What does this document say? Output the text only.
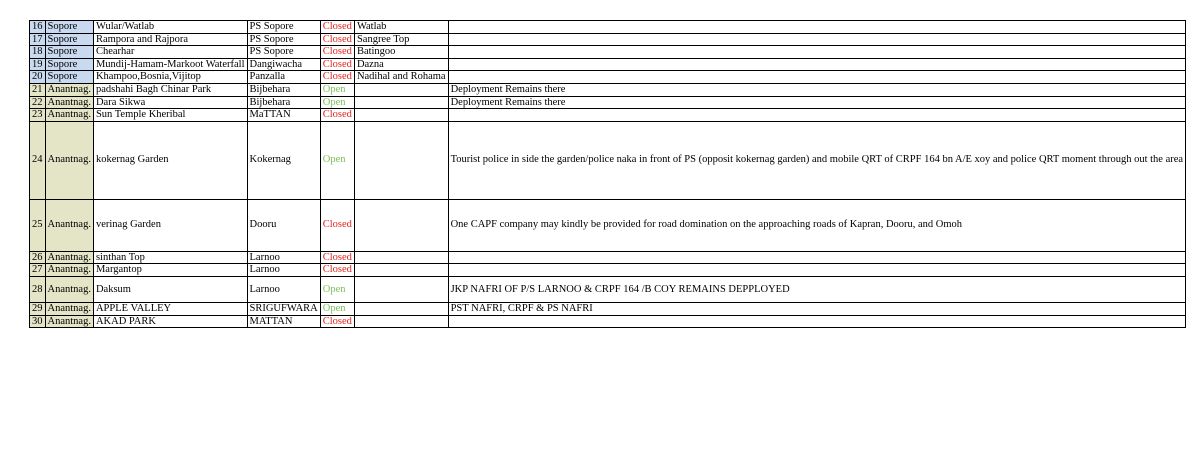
16	Sopore	Wular/Watlab	PS Sopore	Closed	Watlab	
17	Sopore	Rampora and Rajpora	PS Sopore	Closed	Sangree Top	
18	Sopore	Chearhar	PS Sopore	Closed	Batingoo	
19	Sopore	Mundij-Hamam-Markoot Waterfall	Dangiwacha	Closed	Dazna	
20	Sopore	Khampoo,Bosnia,Vijitop	Panzalla	Closed	Nadihal and Rohama	
21	Anantnag.	padshahi Bagh Chinar Park	Bijbehara	Open		Deployment Remains there
22	Anantnag.	Dara Sikwa	Bijbehara	Open		Deployment Remains there
23	Anantnag.	Sun Temple Kheribal	MaTTAN	Closed		
24	Anantnag.	kokernag Garden	Kokernag	Open		Tourist police in side the garden/police naka in front of PS (opposit kokernag garden) and mobile QRT of CRPF 164 bn A/E xoy and police QRT moment through out the area
25	Anantnag.	verinag Garden	Dooru	Closed		One CAPF company may kindly be provided for road domination on the approaching roads of Kapran, Dooru, and Omoh
26	Anantnag.	sinthan Top	Larnoo	Closed		
27	Anantnag.	Margantop	Larnoo	Closed		
28	Anantnag.	Daksum	Larnoo	Open		JKP NAFRI OF P/S LARNOO & CRPF 164 /B COY REMAINS DEPPLOYED
29	Anantnag.	APPLE VALLEY	SRIGUFWARA	Open		PST NAFRI, CRPF & PS NAFRI
30	Anantnag.	AKAD PARK	MATTAN	Closed		
